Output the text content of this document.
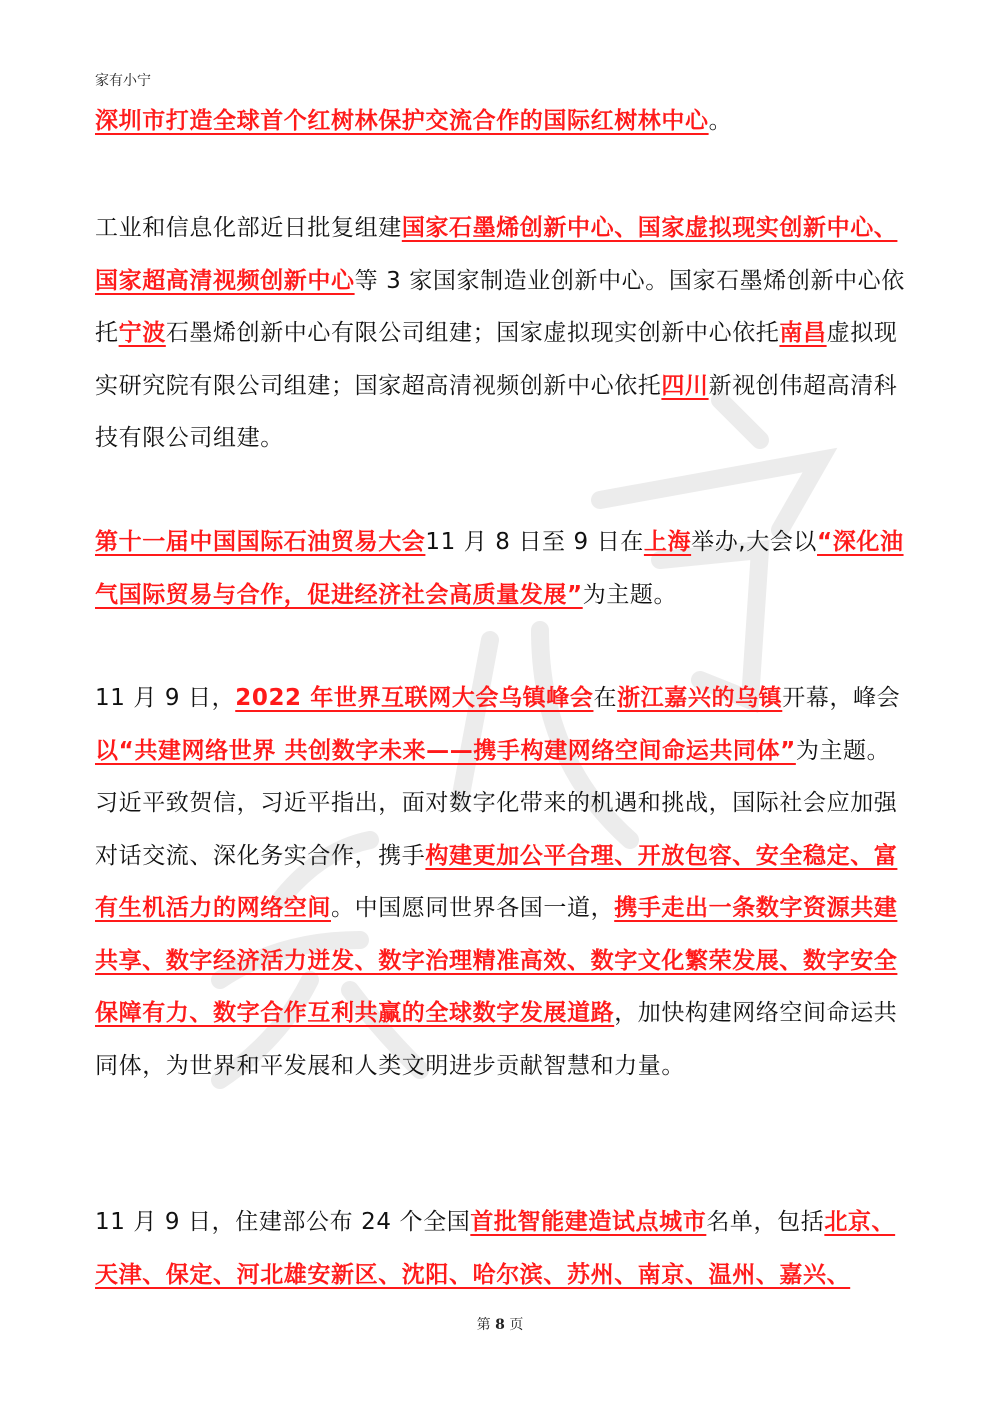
家有小宁

深圳市打造全球首个红树林保护交流合作的国际红树林中心。

工业和信息化部近日批复组建国家石墨烯创新中心、国家虚拟现实创新中心、国家超高清视频创新中心等 3 家国家制造业创新中心。国家石墨烯创新中心依托宁波石墨烯创新中心有限公司组建；国家虚拟现实创新中心依托南昌虚拟现实研究院有限公司组建；国家超高清视频创新中心依托四川新视创伟超高清科技有限公司组建。

第十一届中国国际石油贸易大会11 月 8 日至 9 日在上海举办,大会以“深化油气国际贸易与合作，促进经济社会高质量发展”为主题。

11 月 9 日，2022 年世界互联网大会乌镇峰会在浙江嘉兴的乌镇开幕，峰会以“共建网络世界 共创数字未来——携手构建网络空间命运共同体”为主题。习近平致贺信，习近平指出，面对数字化带来的机遇和挑战，国际社会应加强对话交流、深化务实合作，携手构建更加公平合理、开放包容、安全稳定、富有生机活力的网络空间。中国愿同世界各国一道，携手走出一条数字资源共建共享、数字经济活力迸发、数字治理精准高效、数字文化繁荣发展、数字安全保障有力、数字合作互利共赢的全球数字发展道路，加快构建网络空间命运共同体，为世界和平发展和人类文明进步贡献智慧和力量。

11 月 9 日，住建部公布 24 个全国首批智能建造试点城市名单，包括北京、天津、保定、河北雄安新区、沈阳、哈尔滨、苏州、南京、温州、嘉兴、

第 8 页
